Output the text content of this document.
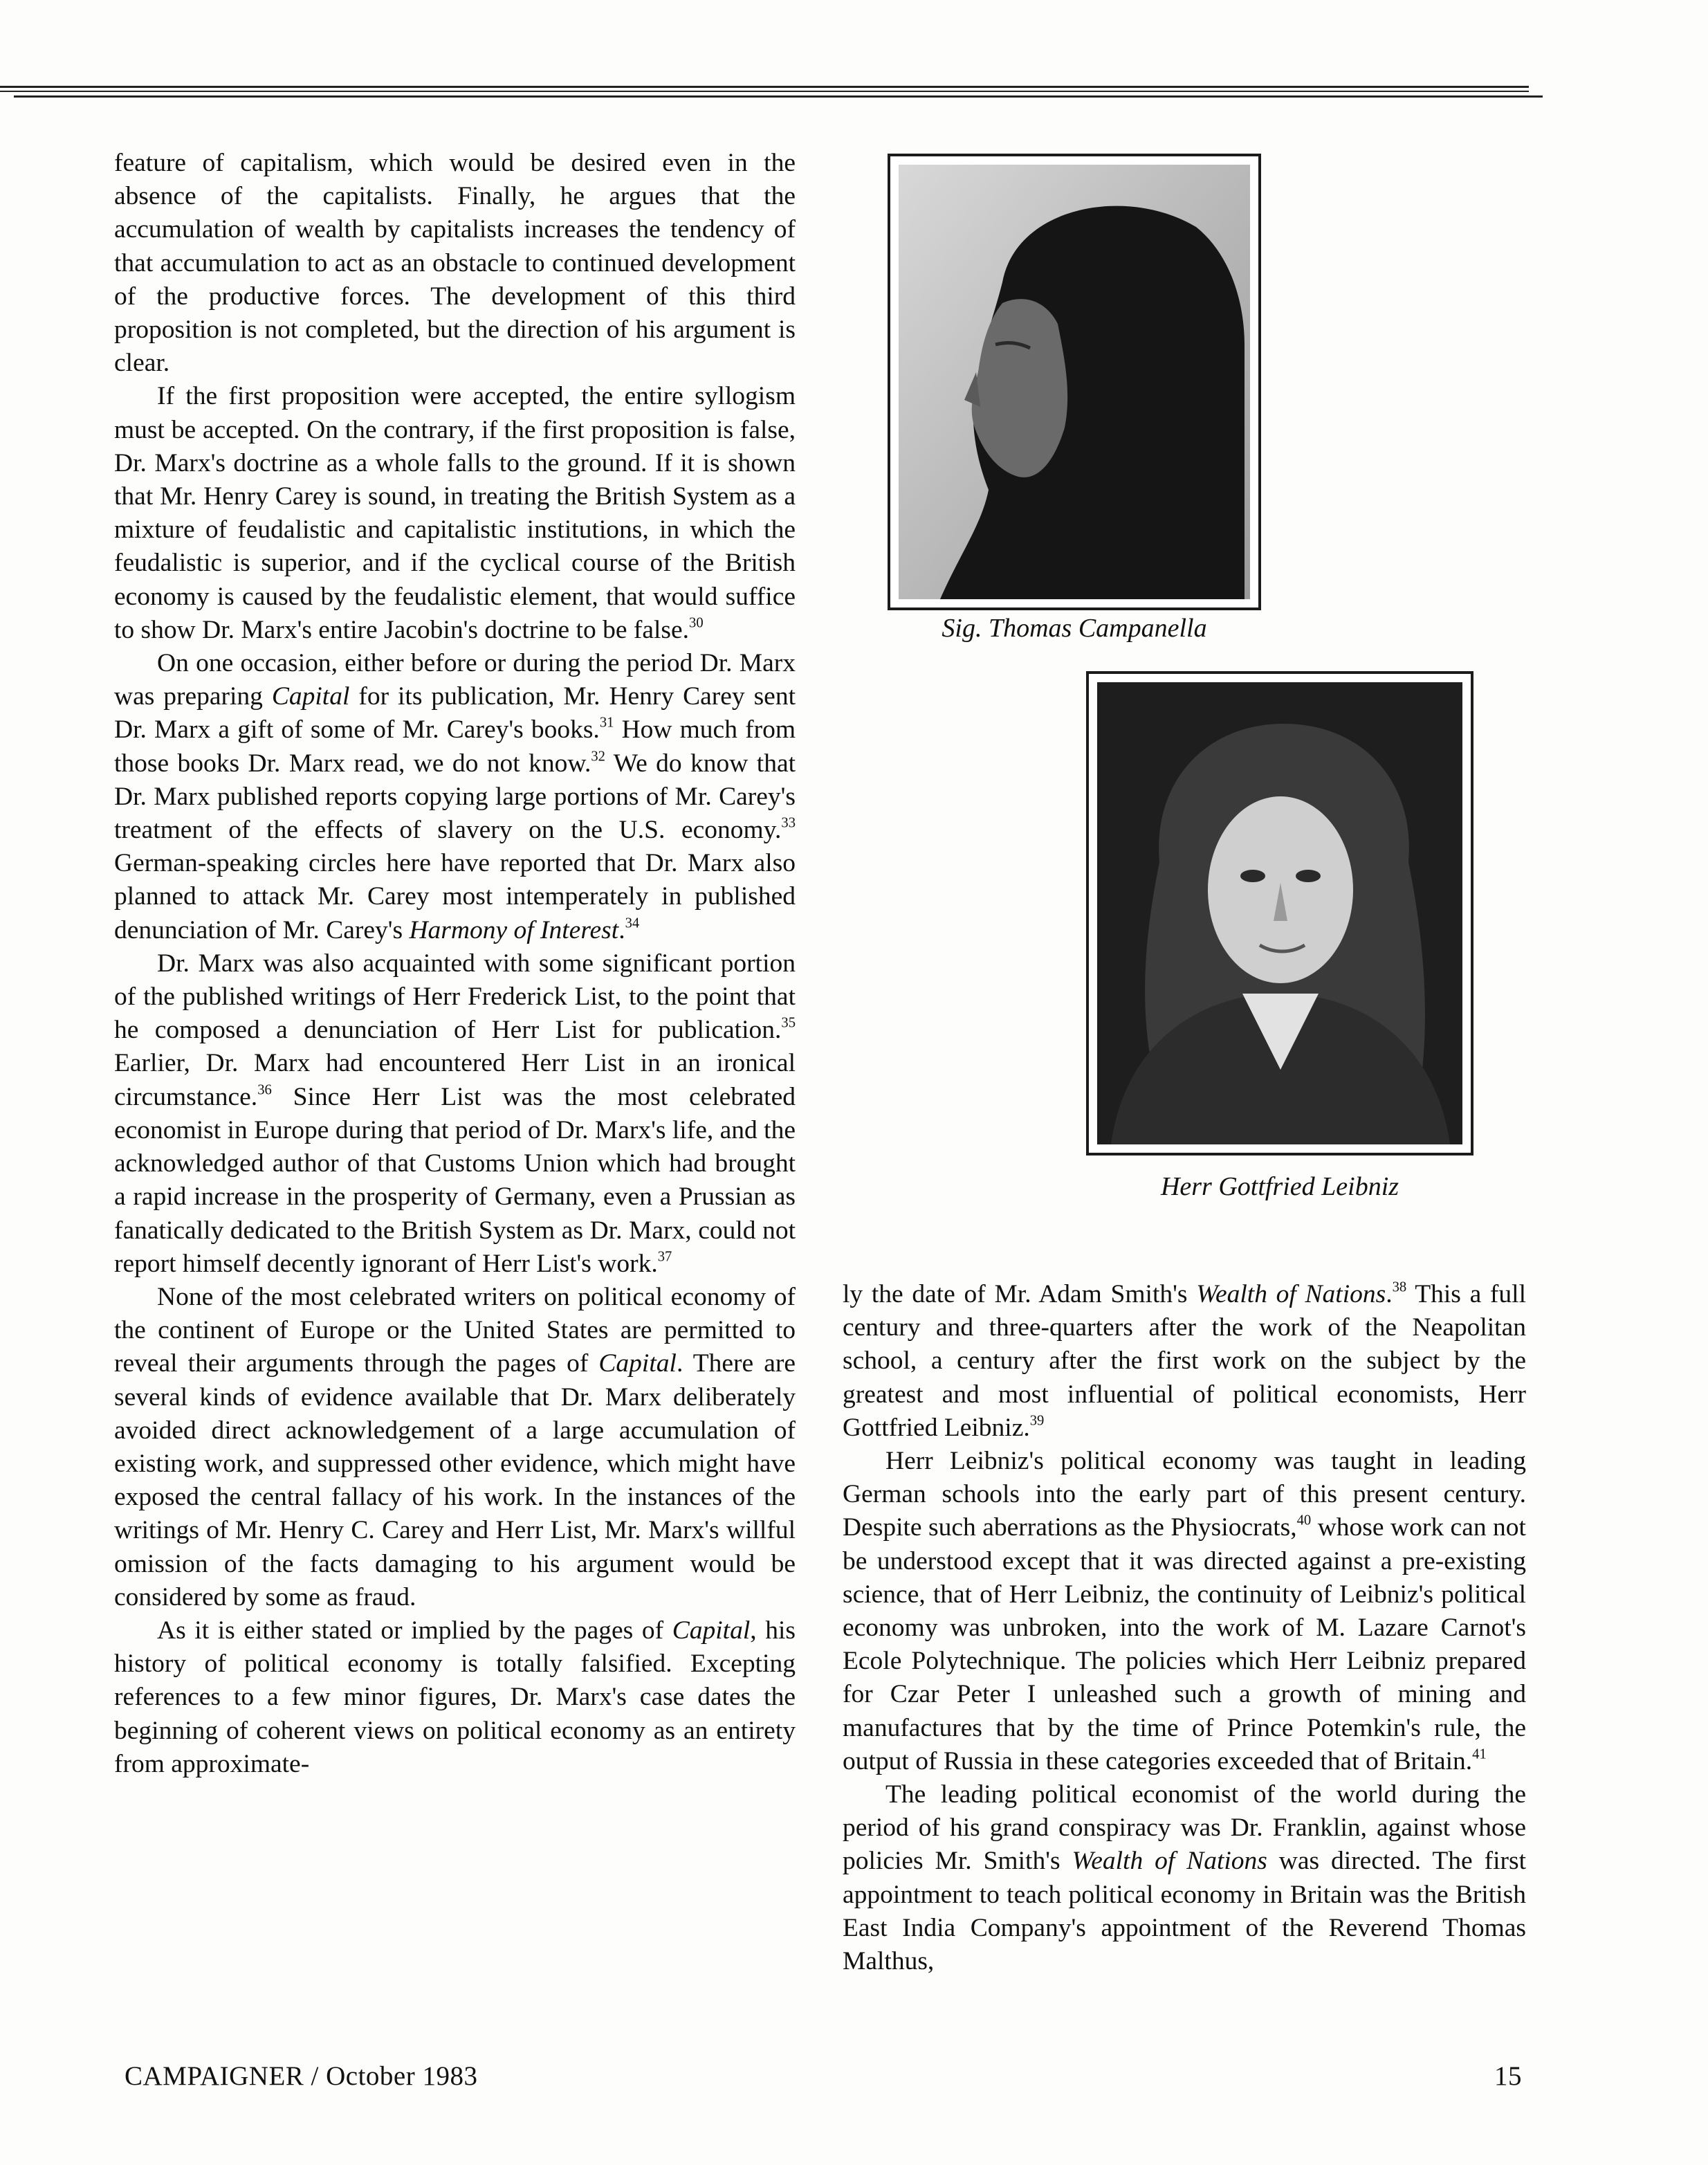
feature of capitalism, which would be desired even in the absence of the capitalists. Finally, he argues that the accumulation of wealth by capitalists increases the tendency of that accumulation to act as an obstacle to continued development of the productive forces. The development of this third proposition is not completed, but the direction of his argument is clear.

If the first proposition were accepted, the entire syllogism must be accepted. On the contrary, if the first proposition is false, Dr. Marx's doctrine as a whole falls to the ground. If it is shown that Mr. Henry Carey is sound, in treating the British System as a mixture of feudalistic and capitalistic institutions, in which the feudalistic is superior, and if the cyclical course of the British economy is caused by the feudalistic element, that would suffice to show Dr. Marx's entire Jacobin's doctrine to be false.$^{30}$

On one occasion, either before or during the period Dr. Marx was preparing Capital for its publication, Mr. Henry Carey sent Dr. Marx a gift of some of Mr. Carey's books.$^{31}$ How much from those books Dr. Marx read, we do not know.$^{32}$ We do know that Dr. Marx published reports copying large portions of Mr. Carey's treatment of the effects of slavery on the U.S. economy.$^{33}$ German-speaking circles here have reported that Dr. Marx also planned to attack Mr. Carey most intemperately in published denunciation of Mr. Carey's Harmony of Interest.$^{34}$

Dr. Marx was also acquainted with some significant portion of the published writings of Herr Frederick List, to the point that he composed a denunciation of Herr List for publication.$^{35}$ Earlier, Dr. Marx had encountered Herr List in an ironical circumstance.$^{36}$ Since Herr List was the most celebrated economist in Europe during that period of Dr. Marx's life, and the acknowledged author of that Customs Union which had brought a rapid increase in the prosperity of Germany, even a Prussian as fanatically dedicated to the British System as Dr. Marx, could not report himself decently ignorant of Herr List's work.$^{37}$

None of the most celebrated writers on political economy of the continent of Europe or the United States are permitted to reveal their arguments through the pages of Capital. There are several kinds of evidence available that Dr. Marx deliberately avoided direct acknowledgement of a large accumulation of existing work, and suppressed other evidence, which might have exposed the central fallacy of his work. In the instances of the writings of Mr. Henry C. Carey and Herr List, Mr. Marx's willful omission of the facts damaging to his argument would be considered by some as fraud.

As it is either stated or implied by the pages of Capital, his history of political economy is totally falsified. Excepting references to a few minor figures, Dr. Marx's case dates the beginning of coherent views on political economy as an entirety from approximate-

Sig. Thomas Campanella
Herr Gottfried Leibniz

ly the date of Mr. Adam Smith's Wealth of Nations.$^{38}$ This a full century and three-quarters after the work of the Neapolitan school, a century after the first work on the subject by the greatest and most influential of political economists, Herr Gottfried Leibniz.$^{39}$

Herr Leibniz's political economy was taught in leading German schools into the early part of this present century. Despite such aberrations as the Physiocrats,$^{40}$ whose work can not be understood except that it was directed against a pre-existing science, that of Herr Leibniz, the continuity of Leibniz's political economy was unbroken, into the work of M. Lazare Carnot's Ecole Polytechnique. The policies which Herr Leibniz prepared for Czar Peter I unleashed such a growth of mining and manufactures that by the time of Prince Potemkin's rule, the output of Russia in these categories exceeded that of Britain.$^{41}$

The leading political economist of the world during the period of his grand conspiracy was Dr. Franklin, against whose policies Mr. Smith's Wealth of Nations was directed. The first appointment to teach political economy in Britain was the British East India Company's appointment of the Reverend Thomas Malthus,

CAMPAIGNER / October 1983	15
